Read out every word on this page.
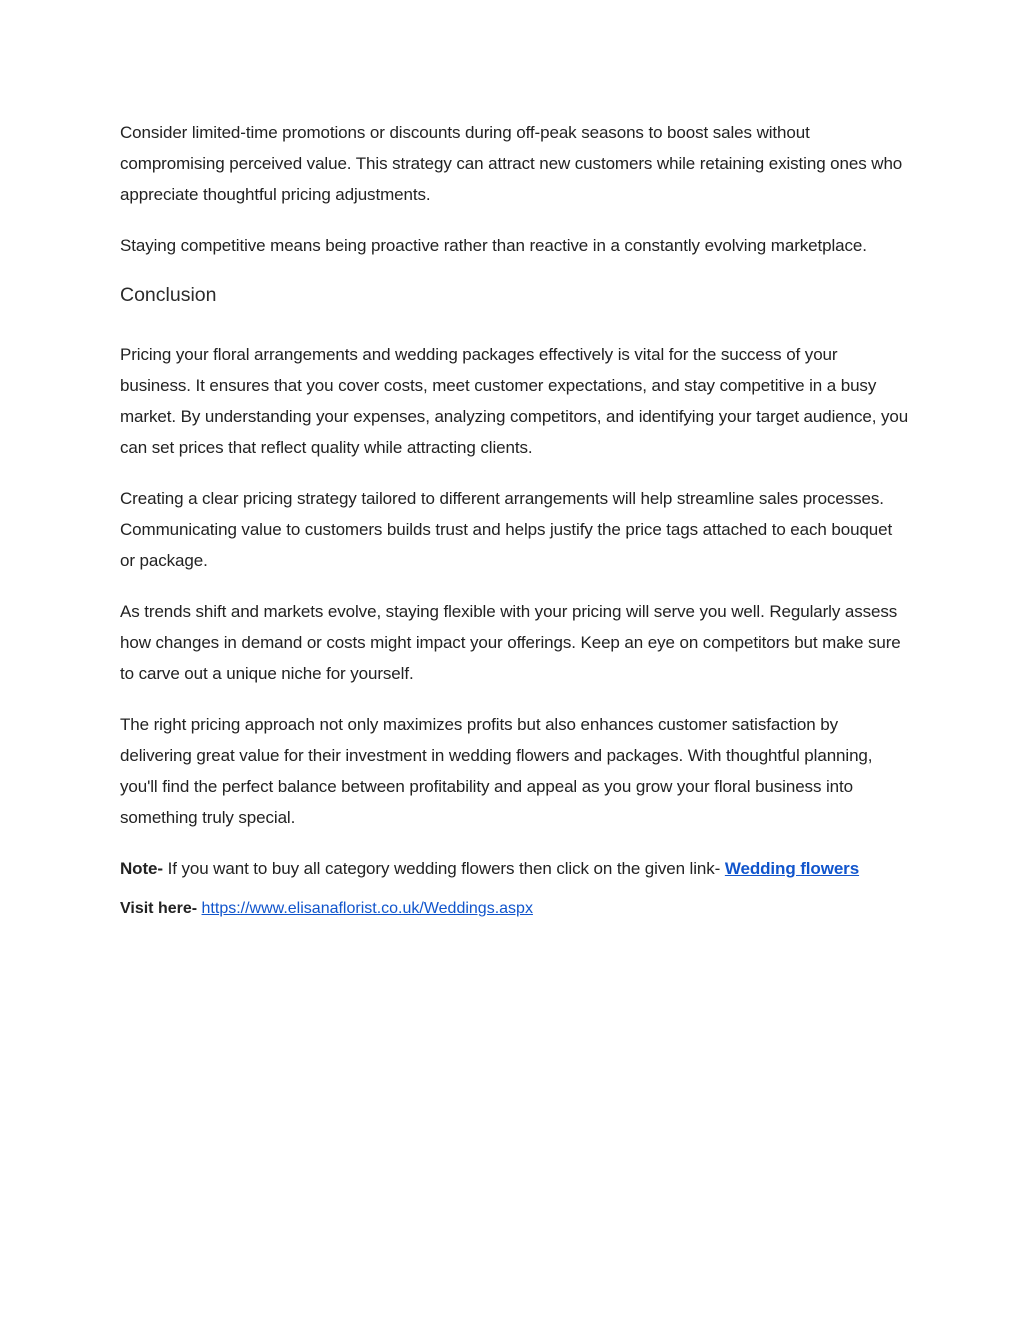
Consider limited-time promotions or discounts during off-peak seasons to boost sales without compromising perceived value. This strategy can attract new customers while retaining existing ones who appreciate thoughtful pricing adjustments.

Staying competitive means being proactive rather than reactive in a constantly evolving marketplace.

Conclusion

Pricing your floral arrangements and wedding packages effectively is vital for the success of your business. It ensures that you cover costs, meet customer expectations, and stay competitive in a busy market. By understanding your expenses, analyzing competitors, and identifying your target audience, you can set prices that reflect quality while attracting clients.

Creating a clear pricing strategy tailored to different arrangements will help streamline sales processes. Communicating value to customers builds trust and helps justify the price tags attached to each bouquet or package.

As trends shift and markets evolve, staying flexible with your pricing will serve you well. Regularly assess how changes in demand or costs might impact your offerings. Keep an eye on competitors but make sure to carve out a unique niche for yourself.

The right pricing approach not only maximizes profits but also enhances customer satisfaction by delivering great value for their investment in wedding flowers and packages. With thoughtful planning, you'll find the perfect balance between profitability and appeal as you grow your floral business into something truly special.

Note- If you want to buy all category wedding flowers then click on the given link- Wedding flowers

Visit here- https://www.elisanaflorist.co.uk/Weddings.aspx
